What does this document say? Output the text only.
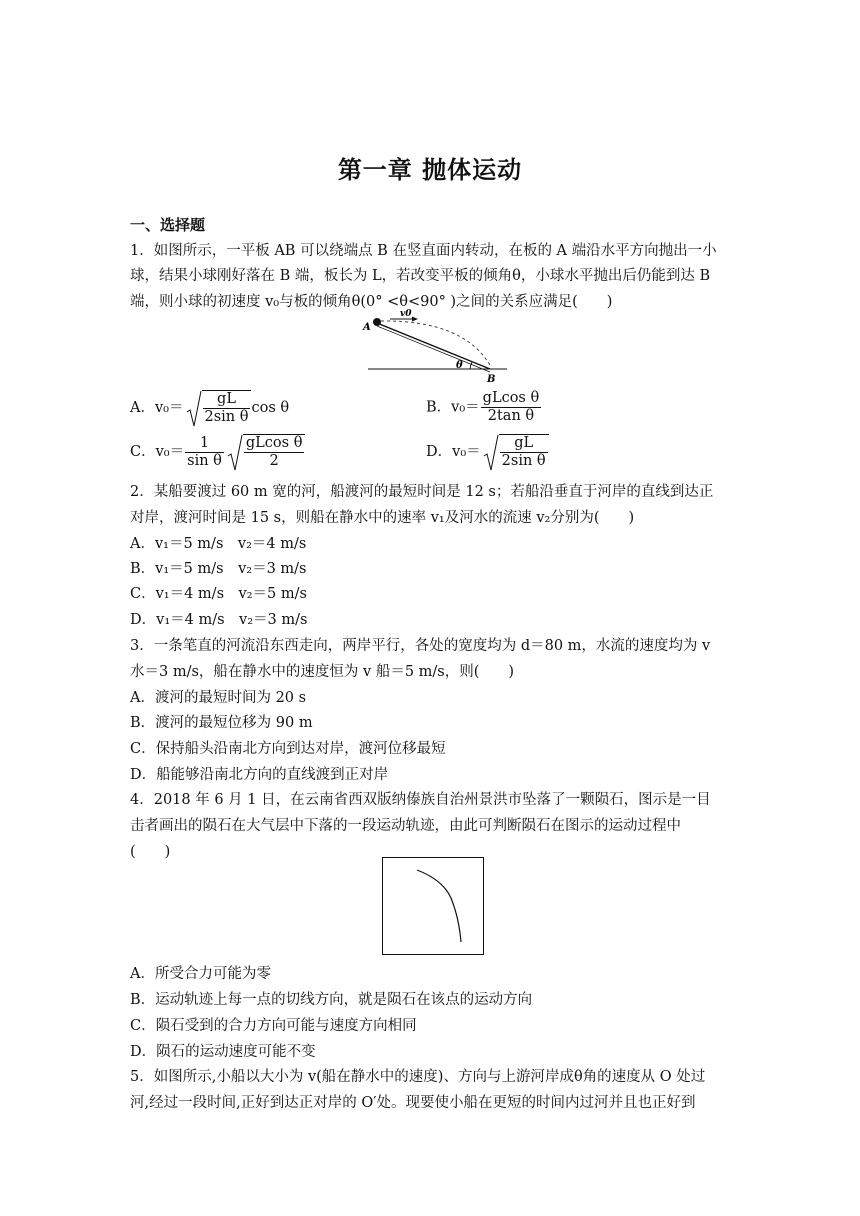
第一章 抛体运动
一、选择题
1．如图所示，一平板 AB 可以绕端点 B 在竖直面内转动，在板的 A 端沿水平方向抛出一小
球，结果小球刚好落在 B 端，板长为 L，若改变平板的倾角θ，小球水平抛出后仍能到达 B
端，则小球的初速度 v₀与板的倾角θ(0° <θ<90° )之间的关系应满足(　　)
A
v0
θ
B
A．$v_0= \frac{gL}{\text{2sin θ}}$ cos θ	B．$v_0= \frac{\text{gLcos θ}}{\text{2tan θ}}$
C．$v_0= \frac{1}{\text{sin θ}} \frac{\text{gLcos θ}}{2}$	D．$v_0= \frac{gL}{\text{2sin θ}}$
2．某船要渡过 60 m 宽的河，船渡河的最短时间是 12 s；若船沿垂直于河岸的直线到达正
对岸，渡河时间是 15 s，则船在静水中的速率 v₁及河水的流速 v₂分别为(　　)
A．v₁＝5 m/s　v₂＝4 m/s
B．v₁＝5 m/s　v₂＝3 m/s
C．v₁＝4 m/s　v₂＝5 m/s
D．v₁＝4 m/s　v₂＝3 m/s
3．一条笔直的河流沿东西走向，两岸平行，各处的宽度均为 d＝80 m，水流的速度均为 v
水＝3 m/s，船在静水中的速度恒为 v 船＝5 m/s，则(　　)
A．渡河的最短时间为 20 s
B．渡河的最短位移为 90 m
C．保持船头沿南北方向到达对岸，渡河位移最短
D．船能够沿南北方向的直线渡到正对岸
4．2018 年 6 月 1 日，在云南省西双版纳傣族自治州景洪市坠落了一颗陨石，图示是一目
击者画出的陨石在大气层中下落的一段运动轨迹，由此可判断陨石在图示的运动过程中
(　　)
A．所受合力可能为零
B．运动轨迹上每一点的切线方向，就是陨石在该点的运动方向
C．陨石受到的合力方向可能与速度方向相同
D．陨石的运动速度可能不变
5．如图所示,小船以大小为 v(船在静水中的速度)、方向与上游河岸成θ角的速度从 O 处过
河,经过一段时间,正好到达正对岸的 O′处。现要使小船在更短的时间内过河并且也正好到
